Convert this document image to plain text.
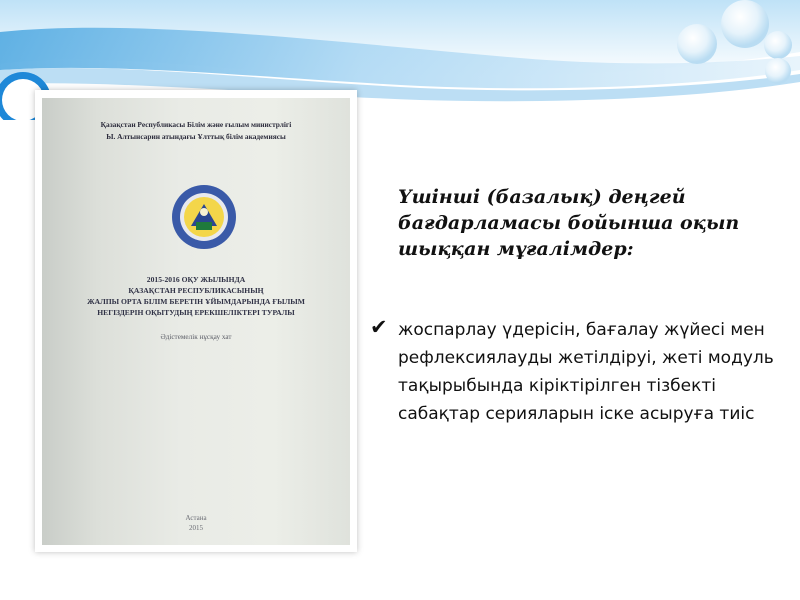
Қазақстан Республикасы Білім және ғылым министрлігі
Ы. Алтынсарин атындағы Ұлттық білім академиясы
2015-2016 ОҚУ ЖЫЛЫНДА
ҚАЗАҚСТАН РЕСПУБЛИКАСЫНЫҢ
ЖАЛПЫ ОРТА БІЛІМ БЕРЕТІН ҰЙЫМДАРЫНДА ҒЫЛЫМ
НЕГІЗДЕРІН ОҚЫТУДЫҢ ЕРЕКШЕЛІКТЕРІ ТУРАЛЫ
Әдістемелік нұсқау хат
Астана
2015

Үшінші (базалық) деңгей бағдарламасы бойынша оқып шыққан мұғалімдер:

✔ жоспарлау үдерісін, бағалау жүйесі мен рефлексиялауды жетілдіруі, жеті модуль тақырыбында кіріктірілген тізбекті сабақтар серияларын іске асыруға тиіс
